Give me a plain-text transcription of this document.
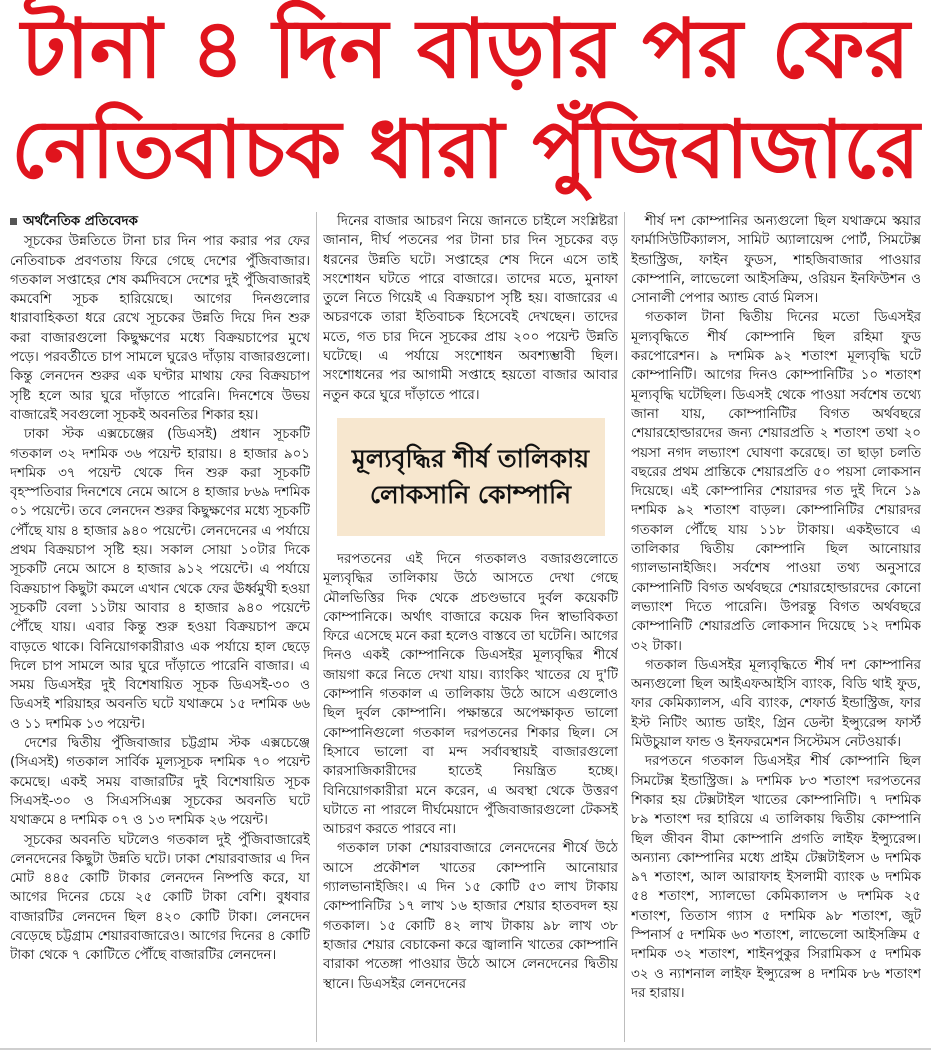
টানা ৪ দিন বাড়ার পর ফের
নেতিবাচক ধারা পুঁজিবাজারে
অর্থনৈতিক প্রতিবেদক

সূচকের উন্নতিতে টানা চার দিন পার করার পর ফের নেতিবাচক প্রবণতায় ফিরে গেছে দেশের পুঁজিবাজার। গতকাল সপ্তাহের শেষ কর্মদিবসে দেশের দুই পুঁজিবাজারই কমবেশি সূচক হারিয়েছে। আগের দিনগুলোর ধারাবাহিকতা ধরে রেখে সূচকের উন্নতি দিয়ে দিন শুরু করা বাজারগুলো কিছুক্ষণের মধ্যে বিক্রয়চাপের মুখে পড়ে। পরবর্তীতে চাপ সামলে ঘুরেও দাঁড়ায় বাজারগুলো। কিন্তু লেনদেন শুরুর এক ঘণ্টার মাথায় ফের বিক্রয়চাপ সৃষ্টি হলে আর ঘুরে দাঁড়াতে পারেনি। দিনশেষে উভয় বাজারেই সবগুলো সূচকই অবনতির শিকার হয়।

ঢাকা স্টক এক্সচেঞ্জের (ডিএসই) প্রধান সূচকটি গতকাল ৩২ দশমিক ৩৬ পয়েন্ট হারায়। ৪ হাজার ৯০১ দশমিক ৩৭ পয়েন্ট থেকে দিন শুরু করা সূচকটি বৃহস্পতিবার দিনশেষে নেমে আসে ৪ হাজার ৮৬৯ দশমিক ০১ পয়েন্টে। তবে লেনদেন শুরুর কিছুক্ষণের মধ্যে সূচকটি পৌঁছে যায় ৪ হাজার ৯৪০ পয়েন্টে। লেনদেনের এ পর্যায়ে প্রথম বিক্রয়চাপ সৃষ্টি হয়। সকাল সোয়া ১০টার দিকে সূচকটি নেমে আসে ৪ হাজার ৯১২ পয়েন্টে। এ পর্যায়ে বিক্রয়চাপ কিছুটা কমলে এখান থেকে ফের ঊর্ধ্বমুখী হওয়া সূচকটি বেলা ১১টায় আবার ৪ হাজার ৯৪০ পয়েন্টে পৌঁছে যায়। এবার কিন্তু শুরু হওয়া বিক্রয়চাপ ক্রমে বাড়তে থাকে। বিনিয়োগকারীরাও এক পর্যায়ে হাল ছেড়ে দিলে চাপ সামলে আর ঘুরে দাঁড়াতে পারেনি বাজার। এ সময় ডিএসইর দুই বিশেষায়িত সূচক ডিএসই-৩০ ও ডিএসই শরিয়াহর অবনতি ঘটে যথাক্রমে ১৫ দশমিক ৬৬ ও ১১ দশমিক ১৩ পয়েন্ট।

দেশের দ্বিতীয় পুঁজিবাজার চট্টগ্রাম স্টক এক্সচেঞ্জে (সিএসই) গতকাল সার্বিক মূল্যসূচক দশমিক ৭০ পয়েন্ট কমেছে। একই সময় বাজারটির দুই বিশেষায়িত সূচক সিএসই-৩০ ও সিএসসিএক্স সূচকের অবনতি ঘটে যথাক্রমে ৪ দশমিক ০৭ ও ১৩ দশমিক ২৬ পয়েন্ট।

সূচকের অবনতি ঘটলেও গতকাল দুই পুঁজিবাজারেই লেনদেনের কিছুটা উন্নতি ঘটে। ঢাকা শেয়ারবাজার এ দিন মোট ৪৪৫ কোটি টাকার লেনদেন নিষ্পত্তি করে, যা আগের দিনের চেয়ে ২৫ কোটি টাকা বেশি। বুধবার বাজারটির লেনদেন ছিল ৪২০ কোটি টাকা। লেনদেন বেড়েছে চট্টগ্রাম শেয়ারবাজারেও। আগের দিনের ৪ কোটি টাকা থেকে ৭ কোটিতে পৌঁছে বাজারটির লেনদেন।

দিনের বাজার আচরণ নিয়ে জানতে চাইলে সংশ্লিষ্টরা জানান, দীর্ঘ পতনের পর টানা চার দিন সূচকের বড় ধরনের উন্নতি ঘটে। সপ্তাহের শেষ দিনে এসে তাই সংশোধন ঘটতে পারে বাজারে। তাদের মতে, মুনাফা তুলে নিতে গিয়েই এ বিক্রয়চাপ সৃষ্টি হয়। বাজারের এ অচরণকে তারা ইতিবাচক হিসেবেই দেখছেন। তাদের মতে, গত চার দিনে সূচকের প্রায় ২০০ পয়েন্ট উন্নতি ঘটেছে। এ পর্যায়ে সংশোধন অবশ্যম্ভাবী ছিল। সংশোধনের পর আগামী সপ্তাহে হয়তো বাজার আবার নতুন করে ঘুরে দাঁড়াতে পারে।

মূল্যবৃদ্ধির শীর্ষ তালিকায় লোকসানি কোম্পানি

দরপতনের এই দিনে গতকালও বজারগুলোতে মূল্যবৃদ্ধির তালিকায় উঠে আসতে দেখা গেছে মৌলভিত্তির দিক থেকে প্রচণ্ডভাবে দুর্বল কয়েকটি কোম্পানিকে। অর্থাৎ বাজারে কয়েক দিন স্বাভাবিকতা ফিরে এসেছে মনে করা হলেও বাস্তবে তা ঘটেনি। আগের দিনও একই কোম্পানিকে ডিএসইর মূল্যবৃদ্ধির শীর্ষে জায়গা করে নিতে দেখা যায়। ব্যাংকিং খাতের যে দু'টি কোম্পানি গতকাল এ তালিকায় উঠে আসে এগুলোও ছিল দুর্বল কোম্পানি। পক্ষান্তরে অপেক্ষাকৃত ভালো কোম্পানিগুলো গতকাল দরপতনের শিকার ছিল। সে হিসাবে ভালো বা মন্দ সর্বাবস্থায়ই বাজারগুলো কারসাজিকারীদের হাতেই নিয়ন্ত্রিত হচ্ছে। বিনিয়োগকারীরা মনে করেন, এ অবস্থা থেকে উত্তরণ ঘটাতে না পারলে দীর্ঘমেয়াদে পুঁজিবাজারগুলো টেকসই আচরণ করতে পারবে না।

গতকাল ঢাকা শেয়ারবাজারে লেনদেনের শীর্ষে উঠে আসে প্রকৌশল খাতের কোম্পানি আনোয়ার গ্যালভানাইজিং। এ দিন ১৫ কোটি ৫৩ লাখ টাকায় কোম্পানিটির ১৭ লাখ ১৬ হাজার শেয়ার হাতবদল হয় গতকাল। ১৫ কোটি ৪২ লাখ টাকায় ৯৮ লাখ ৩৮ হাজার শেয়ার বেচাকেনা করে জ্বালানি খাতের কোম্পানি বারাকা পতেঙ্গা পাওয়ার উঠে আসে লেনদেনের দ্বিতীয় স্থানে। ডিএসইর লেনদেনের

শীর্ষ দশ কোম্পানির অন্যগুলো ছিল যথাক্রমে স্কয়ার ফার্মাসিউটিক্যালস, সামিট অ্যালায়েন্স পোর্ট, সিমটেক্স ইন্ডাস্ট্রিজ, ফাইন ফুডস, শাহজিবাজার পাওয়ার কোম্পানি, লাভেলো আইসক্রিম, ওরিয়ন ইনফিউশন ও সোনালী পেপার অ্যান্ড বোর্ড মিলস।

গতকাল টানা দ্বিতীয় দিনের মতো ডিএসইর মূল্যবৃদ্ধিতে শীর্ষ কোম্পানি ছিল রহিমা ফুড করপোরেশন। ৯ দশমিক ৯২ শতাংশ মূল্যবৃদ্ধি ঘটে কোম্পানিটি। আগের দিনও কোম্পানিটির ১০ শতাংশ মূল্যবৃদ্ধি ঘটেছিল। ডিএসই থেকে পাওয়া সর্বশেষ তথ্যে জানা যায়, কোম্পানিটির বিগত অর্থবছরে শেয়ারহোল্ডারদের জন্য শেয়ারপ্রতি ২ শতাংশ তথা ২০ পয়সা নগদ লভ্যাংশ ঘোষণা করেছে। তা ছাড়া চলতি বছরের প্রথম প্রান্তিকে শেয়ারপ্রতি ৫০ পয়সা লোকসান দিয়েছে। এই কোম্পানির শেয়ারদর গত দুই দিনে ১৯ দশমিক ৯২ শতাংশ বাড়ল। কোম্পানিটির শেয়ারদর গতকাল পৌঁছে যায় ১১৮ টাকায়। একইভাবে এ তালিকার দ্বিতীয় কোম্পানি ছিল আনোয়ার গ্যালভানাইজিং। সর্বশেষ পাওয়া তথ্য অনুসারে কোম্পানিটি বিগত অর্থবছরে শেয়ারহোল্ডারদের কোনো লভ্যাংশ দিতে পারেনি। উপরন্তু বিগত অর্থবছরে কোম্পানিটি শেয়ারপ্রতি লোকসান দিয়েছে ১২ দশমিক ৩২ টাকা।

গতকাল ডিএসইর মূল্যবৃদ্ধিতে শীর্ষ দশ কোম্পানির অন্যগুলো ছিল আইএফআইসি ব্যাংক, বিডি থাই ফুড, ফার কেমিক্যালস, এবি ব্যাংক, শেফার্ড ইন্ডাস্ট্রিজ, ফার ইস্ট নিটিং অ্যান্ড ডাইং, গ্রিন ডেল্টা ইন্স্যুরেন্স ফার্স্ট মিউচুয়াল ফান্ড ও ইনফরমেশন সিস্টেমস নেটওয়ার্ক।

দরপতনে গতকাল ডিএসইর শীর্ষ কোম্পানি ছিল সিমটেক্স ইন্ডাস্ট্রিজ। ৯ দশমিক ৮৩ শতাংশ দরপতনের শিকার হয় টেক্সটাইল খাতের কোম্পানিটি। ৭ দশমিক ৮৯ শতাংশ দর হারিয়ে এ তালিকায় দ্বিতীয় কোম্পানি ছিল জীবন বীমা কোম্পানি প্রগতি লাইফ ইন্স্যুরেন্স। অন্যান্য কোম্পানির মধ্যে প্রাইম টেক্সটাইলস ৬ দশমিক ৯৭ শতাংশ, আল আরাফাহ ইসলামী ব্যাংক ৬ দশমিক ৫৪ শতাংশ, স্যালভো কেমিক্যালস ৬ দশমিক ২৫ শতাংশ, তিতাস গ্যাস ৫ দশমিক ৯৮ শতাংশ, জুট স্পিনার্স ৫ দশমিক ৬৩ শতাংশ, লাভেলো আইসক্রিম ৫ দশমিক ৩২ শতাংশ, শাইনপুকুর সিরামিকস ৫ দশমিক ৩২ ও ন্যাশনাল লাইফ ইন্স্যুরেন্স ৪ দশমিক ৮৬ শতাংশ দর হারায়।
